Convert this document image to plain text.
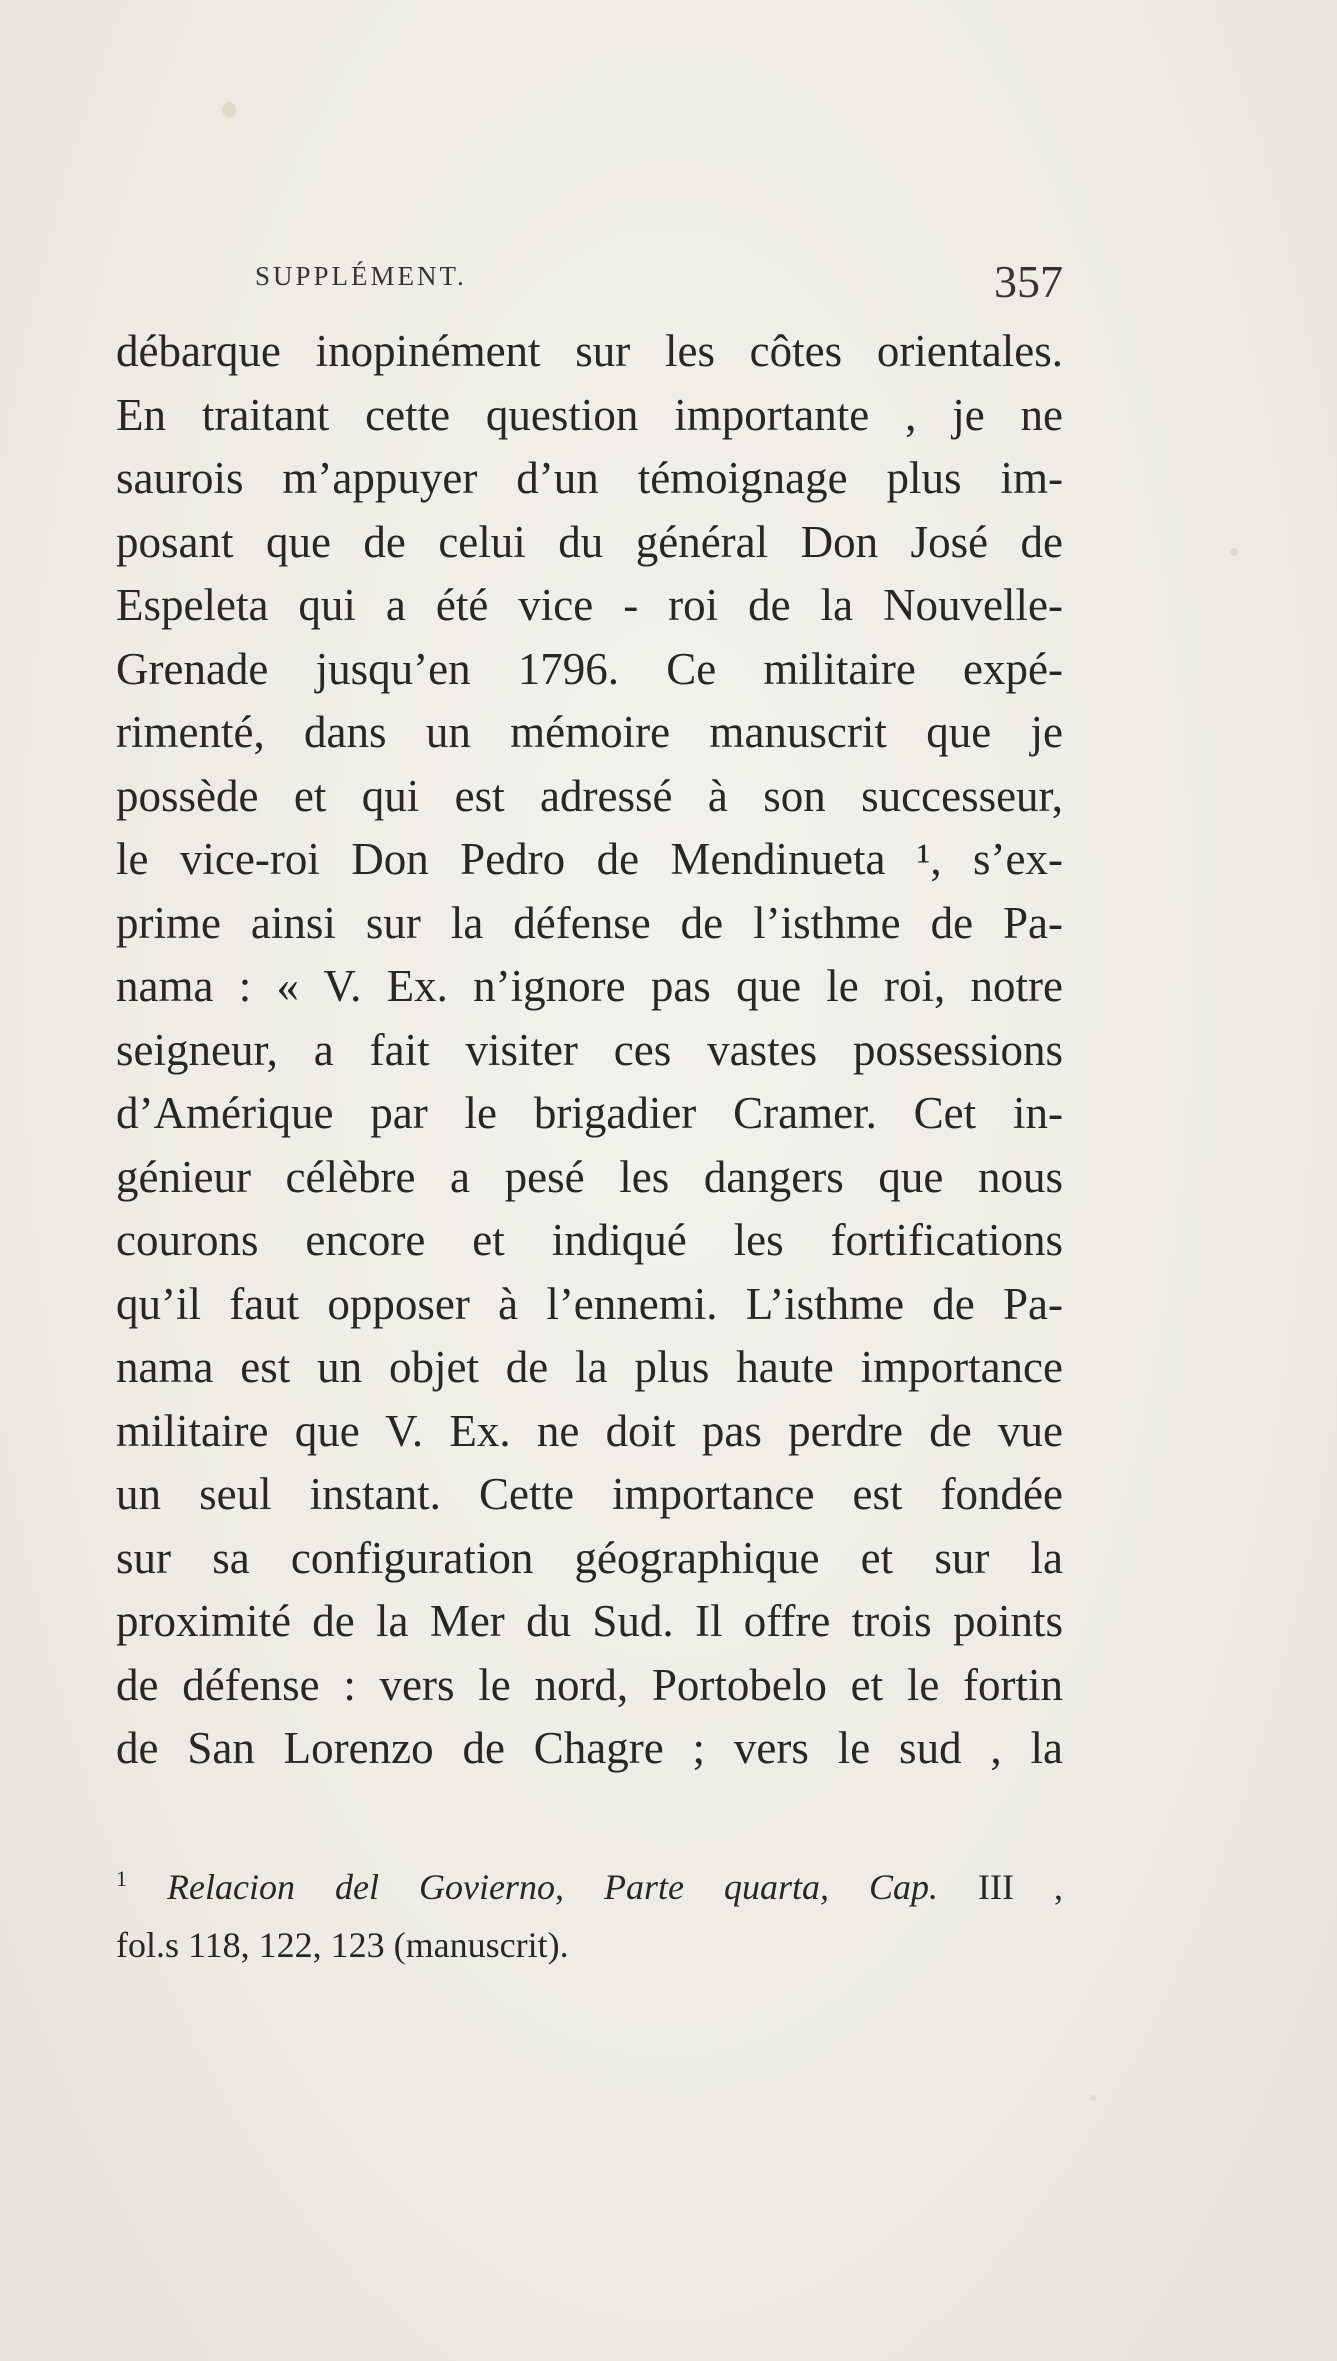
SUPPLÉMENT.	357
débarque inopinément sur les côtes orientales.
En traitant cette question importante , je ne
saurois m’appuyer d’un témoignage plus im-
posant que de celui du général Don José de
Espeleta qui a été vice - roi de la Nouvelle-
Grenade jusqu’en 1796. Ce militaire expé-
rimenté, dans un mémoire manuscrit que je
possède et qui est adressé à son successeur,
le vice-roi Don Pedro de Mendinueta ¹, s’ex-
prime ainsi sur la défense de l’isthme de Pa-
nama : « V. Ex. n’ignore pas que le roi, notre
seigneur, a fait visiter ces vastes possessions
d’Amérique par le brigadier Cramer. Cet in-
génieur célèbre a pesé les dangers que nous
courons encore et indiqué les fortifications
qu’il faut opposer à l’ennemi. L’isthme de Pa-
nama est un objet de la plus haute importance
militaire que V. Ex. ne doit pas perdre de vue
un seul instant. Cette importance est fondée
sur sa configuration géographique et sur la
proximité de la Mer du Sud. Il offre trois points
de défense : vers le nord, Portobelo et le fortin
de San Lorenzo de Chagre ; vers le sud , la
$^1$ Relacion del Govierno, Parte quarta, Cap. III ,
fol.s 118, 122, 123 (manuscrit).
